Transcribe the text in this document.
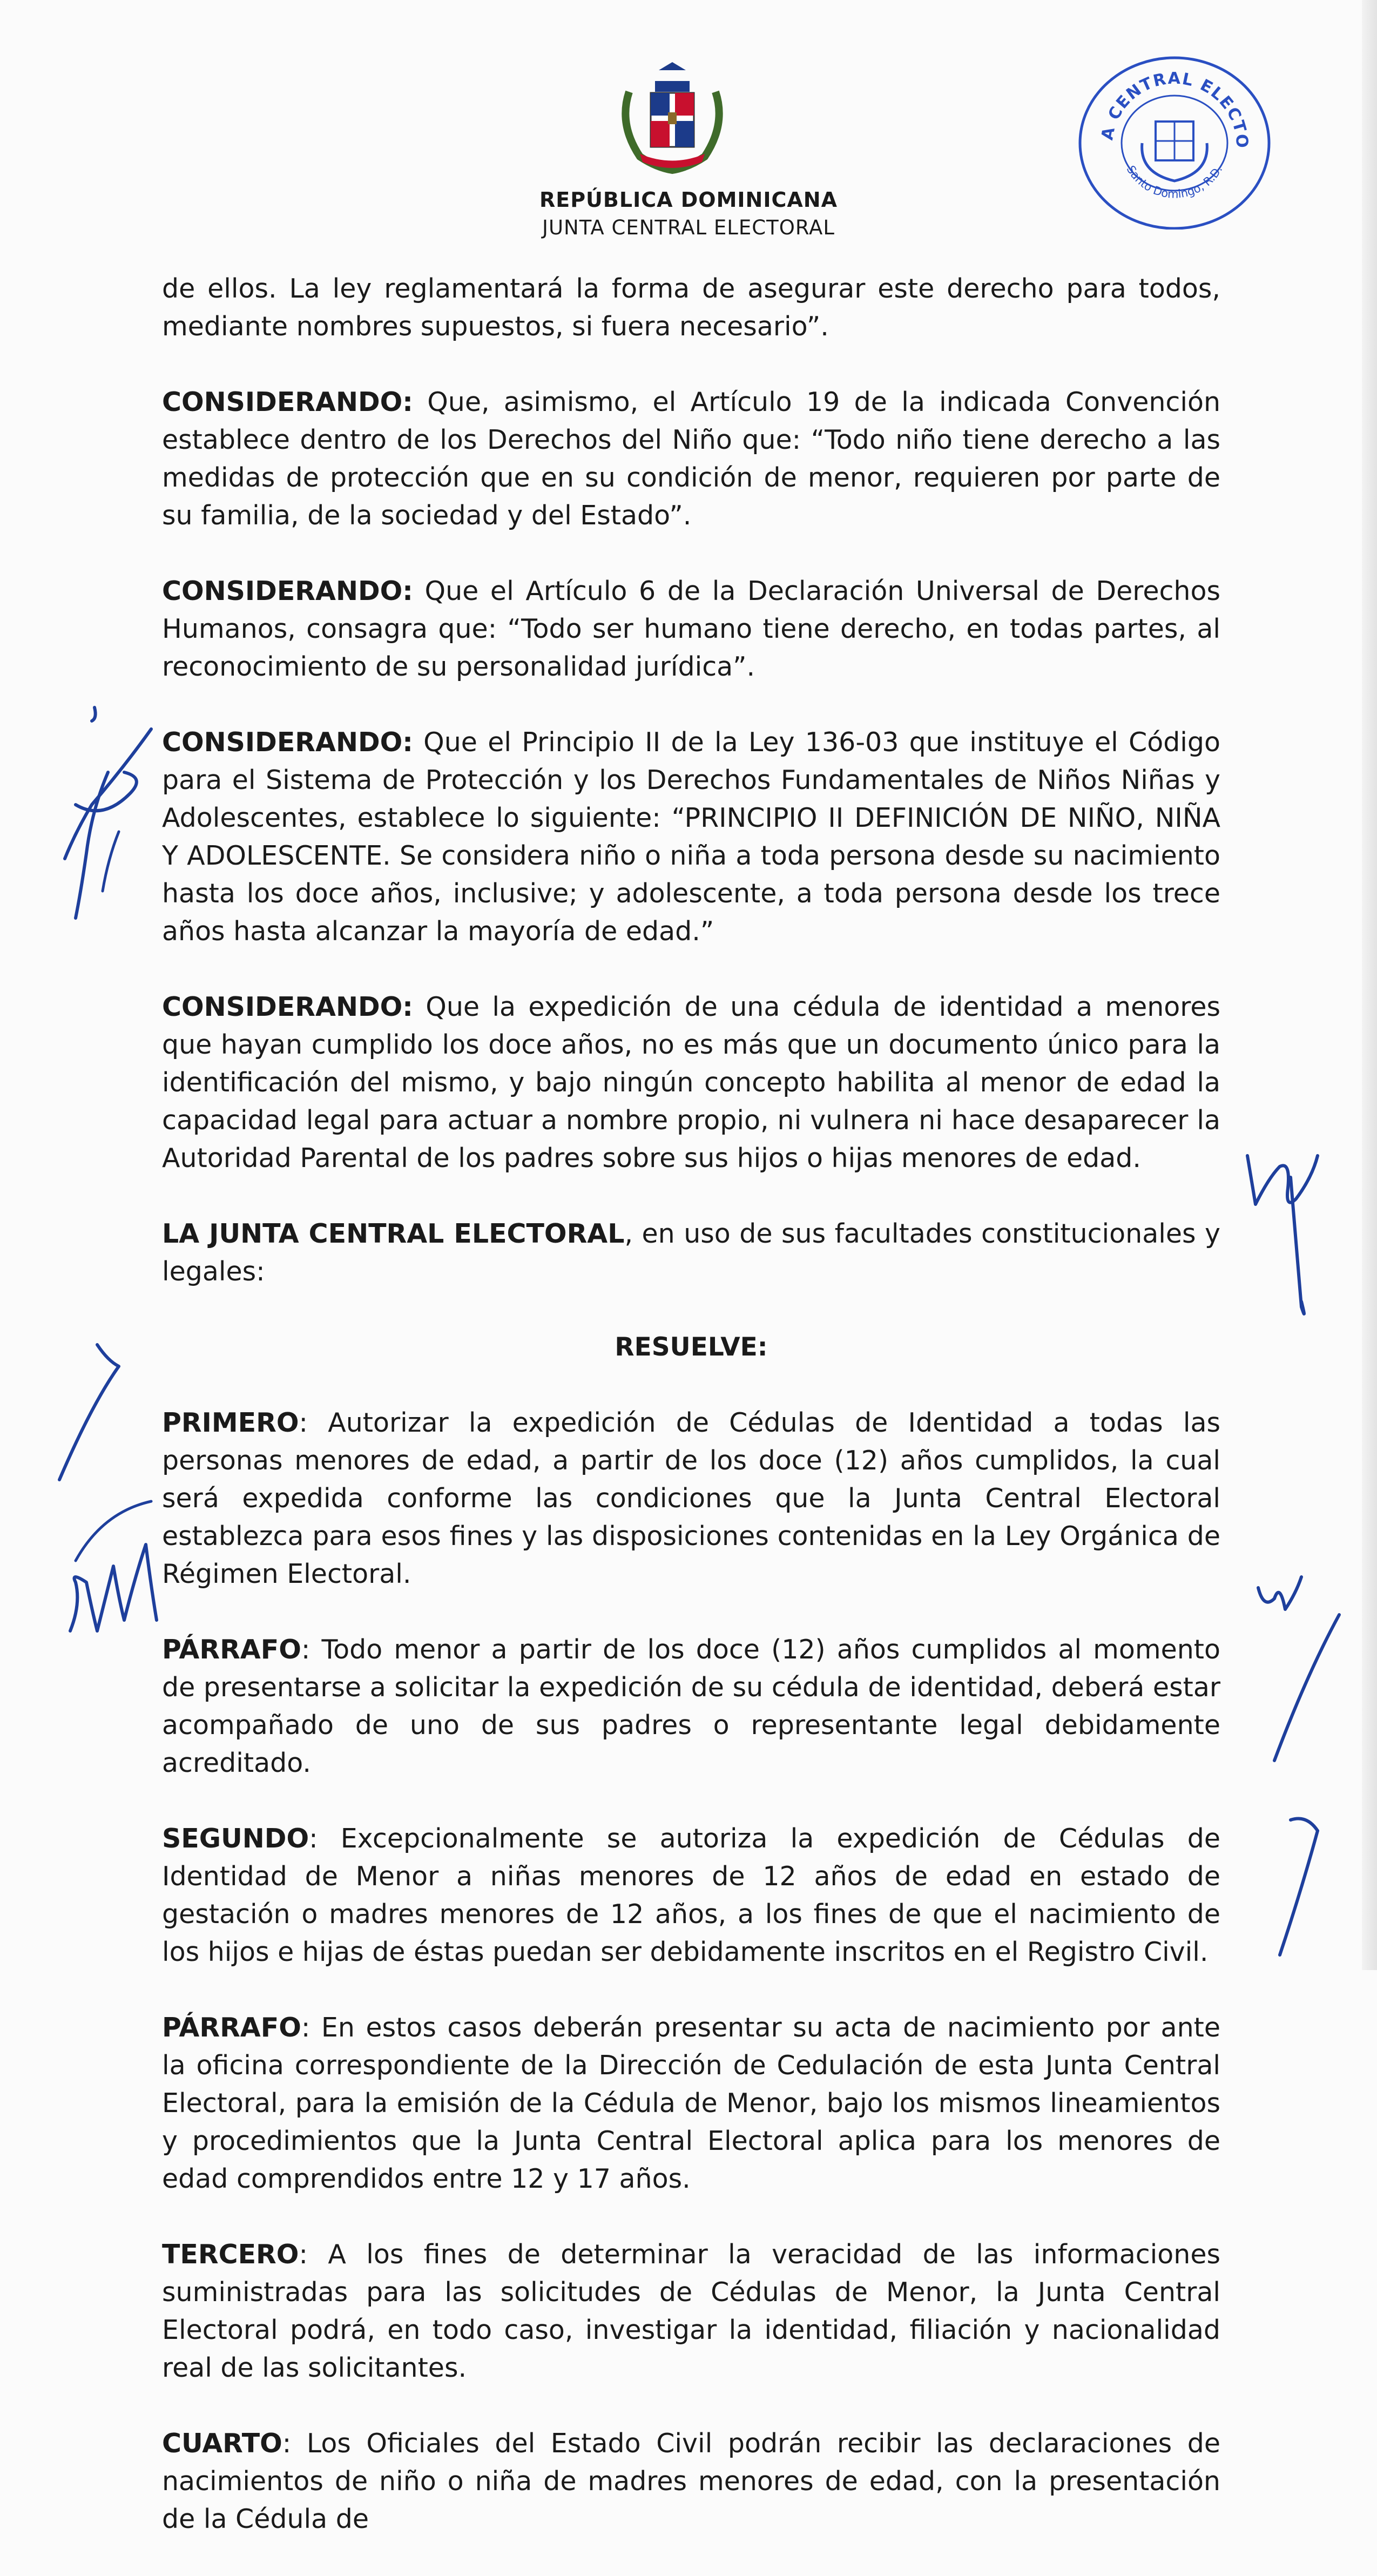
REPÚBLICA DOMINICANA
JUNTA CENTRAL ELECTORAL
A CENTRAL ELECTO
Santo Domingo, R.D.

de ellos. La ley reglamentará la forma de asegurar este derecho para todos, mediante nombres supuestos, si fuera necesario”.

CONSIDERANDO: Que, asimismo, el Artículo 19 de la indicada Convención establece dentro de los Derechos del Niño que: “Todo niño tiene derecho a las medidas de protección que en su condición de menor, requieren por parte de su familia, de la sociedad y del Estado”.

CONSIDERANDO: Que el Artículo 6 de la Declaración Universal de Derechos Humanos, consagra que: “Todo ser humano tiene derecho, en todas partes, al reconocimiento de su personalidad jurídica”.

CONSIDERANDO: Que el Principio II de la Ley 136-03 que instituye el Código para el Sistema de Protección y los Derechos Fundamentales de Niños Niñas y Adolescentes, establece lo siguiente: “PRINCIPIO II DEFINICIÓN DE NIÑO, NIÑA Y ADOLESCENTE. Se considera niño o niña a toda persona desde su nacimiento hasta los doce años, inclusive; y adolescente, a toda persona desde los trece años hasta alcanzar la mayoría de edad.”

CONSIDERANDO: Que la expedición de una cédula de identidad a menores que hayan cumplido los doce años, no es más que un documento único para la identificación del mismo, y bajo ningún concepto habilita al menor de edad la capacidad legal para actuar a nombre propio, ni vulnera ni hace desaparecer la Autoridad Parental de los padres sobre sus hijos o hijas menores de edad.

LA JUNTA CENTRAL ELECTORAL, en uso de sus facultades constitucionales y legales:

RESUELVE:

PRIMERO: Autorizar la expedición de Cédulas de Identidad a todas las personas menores de edad, a partir de los doce (12) años cumplidos, la cual será expedida conforme las condiciones que la Junta Central Electoral establezca para esos fines y las disposiciones contenidas en la Ley Orgánica de Régimen Electoral.

PÁRRAFO: Todo menor a partir de los doce (12) años cumplidos al momento de presentarse a solicitar la expedición de su cédula de identidad, deberá estar acompañado de uno de sus padres o representante legal debidamente acreditado.

SEGUNDO: Excepcionalmente se autoriza la expedición de Cédulas de Identidad de Menor a niñas menores de 12 años de edad en estado de gestación o madres menores de 12 años, a los fines de que el nacimiento de los hijos e hijas de éstas puedan ser debidamente inscritos en el Registro Civil.

PÁRRAFO: En estos casos deberán presentar su acta de nacimiento por ante la oficina correspondiente de la Dirección de Cedulación de esta Junta Central Electoral, para la emisión de la Cédula de Menor, bajo los mismos lineamientos y procedimientos que la Junta Central Electoral aplica para los menores de edad comprendidos entre 12 y 17 años.

TERCERO: A los fines de determinar la veracidad de las informaciones suministradas para las solicitudes de Cédulas de Menor, la Junta Central Electoral podrá, en todo caso, investigar la identidad, filiación y nacionalidad real de las solicitantes.

CUARTO: Los Oficiales del Estado Civil podrán recibir las declaraciones de nacimientos de niño o niña de madres menores de edad, con la presentación de la Cédula de
